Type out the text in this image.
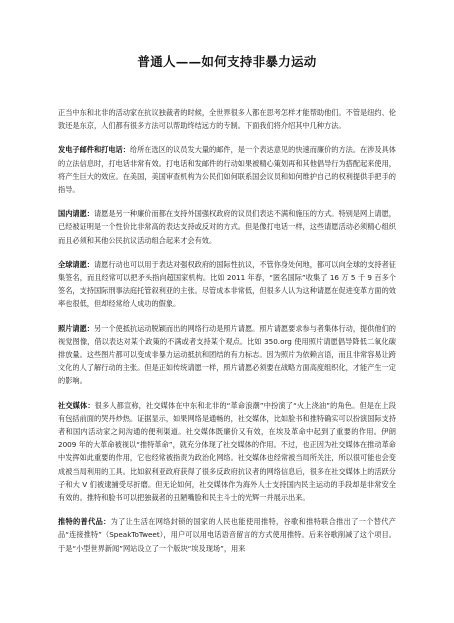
普通人——如何支持非暴力运动

正当中东和北非的活动家在抗议独裁者的时候，全世界很多人都在思考怎样才能帮助他们。不管是纽约、伦敦还是东京，人们都有很多方法可以帮助终结远方的专制。下面我们将介绍其中几种方法。

发电子邮件和打电话：给所在选区的议员发大量的邮件，是一个表达意见的快速而廉价的方法。在涉及具体的立法信息时，打电话非常有效。打电话和发邮件的行动如果被精心策划再和其他倡导行为搭配起来使用，将产生巨大的效应。在美国，美国审查机构为公民们如何联系国会议员和如何维护自己的权利提供手把手的指导。

国内请愿：请愿是另一种廉价而都在支持外国强权政府的议员们表达不满和施压的方式。特别是网上请愿，已经被证明是一个性价比非常高的表达支持或反对的方式。但是像打电话一样，这些请愿活动必须精心组织而且必须和其他公民抗议活动组合起来才会有效。

全球请愿：请愿行动也可以用于表达对强权政府的国际性抗议，不管你身处何地，都可以向全球的支持者征集签名，而且经常可以把矛头指向超国家机构。比如 2011 年春，“匿名国际”收集了 16 万 5 千 9 百多个签名，支持国际刑事法庭托管叙利亚的主张。尽管成本非常低，但很多人认为这种请愿在促进变革方面的效率也很低，但却经常给人成功的假象。

照片请愿：另一个使抵抗运动脱颖而出的网络行动是照片请愿。照片请愿要求参与者集体行动，提供他们的视觉图像，借以表达对某个政策的不满或者支持某个观点。比如 350.org 使用照片请愿倡导降低二氧化碳排放量。这些图片都可以变成非暴力运动抵抗和团结的有力标志。因为照片为依赖言语，而且非常容易让跨文化的人了解行动的主张。但是正如传统请愿一样，照片请愿必须要在战略方面高度组织化，才能产生一定的影响。

社交媒体：很多人都宣称，社交媒体在中东和北非的“革命浪潮”中扮演了“火上浇油”的角色。但是在上段有包括前面的哭丹炒热。证据显示，如果网络是通畅的，社交媒体，比如脸书和推特确实可以扮演国际支持者和国内活动家之间沟通的便利渠道。社交媒体既廉价又有效，在埃及革命中起到了重要的作用。伊朗 2009 年的大革命被视以“推特革命”，就充分体现了社交媒体的作用。不过，也正因为社交媒体在推动革命中发挥如此重要的作用，它也经常被指责为政治化网络。社交媒体也经常被当局所关注，所以很可能也会变成被当局利用的工具。比如叙利亚政府获得了很多反政府抗议者的网络信息后，很多在社交媒体上的活跃分子和大 V 们被逮捕受尽折磨。但无论如何，社交媒体作为海外人士支持国内民主运动的手段却是非常安全有效的。推特和脸书可以把独裁者的丑陋嘴脸和民主斗士的光辉一并展示出来。

推特的普代品：为了让生活在网络封锁的国家的人民也能使用推特，谷歌和推特联合推出了一个替代产品“连接推特”（SpeakToTweet），用户可以用电话语音留言的方式使用推特。后来谷歌削减了这个项目。于是“小型世界新闻”网站设立了一个版块“埃及现场”，用来
